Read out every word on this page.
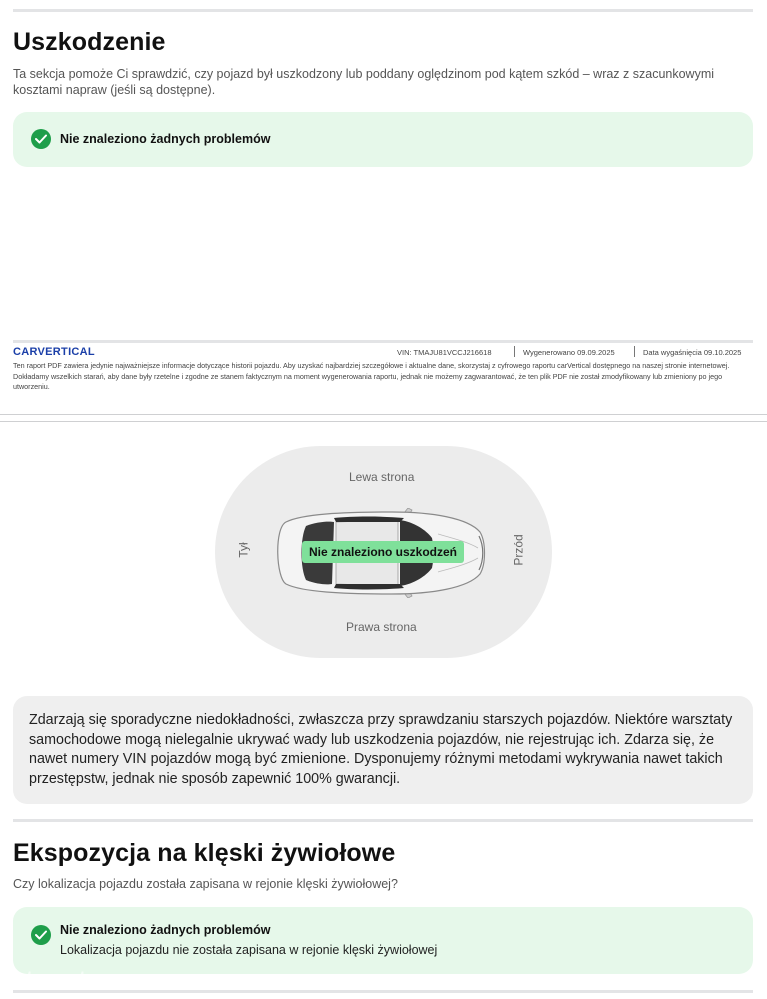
Uszkodzenie
Ta sekcja pomoże Ci sprawdzić, czy pojazd był uszkodzony lub poddany oględzinom pod kątem szkód – wraz z szacunkowymi kosztami napraw (jeśli są dostępne).
Nie znaleziono żadnych problemów
CARVERTICAL	VIN: TMAJU81VCCJ216618	Wygenerowano 09.09.2025	Data wygaśnięcia 09.10.2025
Ten raport PDF zawiera jedynie najważniejsze informacje dotyczące historii pojazdu. Aby uzyskać najbardziej szczegółowe i aktualne dane, skorzystaj z cyfrowego raportu carVertical dostępnego na naszej stronie internetowej. Dokładamy wszelkich starań, aby dane były rzetelne i zgodne ze stanem faktycznym na moment wygenerowania raportu, jednak nie możemy zagwarantować, że ten plik PDF nie został zmodyfikowany lub zmieniony po jego utworzeniu.
Lewa strona
Prawa strona
Tył	Przód
Nie znaleziono uszkodzeń
Zdarzają się sporadyczne niedokładności, zwłaszcza przy sprawdzaniu starszych pojazdów. Niektóre warsztaty samochodowe mogą nielegalnie ukrywać wady lub uszkodzenia pojazdów, nie rejestrując ich. Zdarza się, że nawet numery VIN pojazdów mogą być zmienione. Dysponujemy różnymi metodami wykrywania nawet takich przestępstw, jednak nie sposób zapewnić 100% gwarancji.
Ekspozycja na klęski żywiołowe
Czy lokalizacja pojazdu została zapisana w rejonie klęski żywiołowej?
Nie znaleziono żadnych problemów
Lokalizacja pojazdu nie została zapisana w rejonie klęski żywiołowej
otomoto
